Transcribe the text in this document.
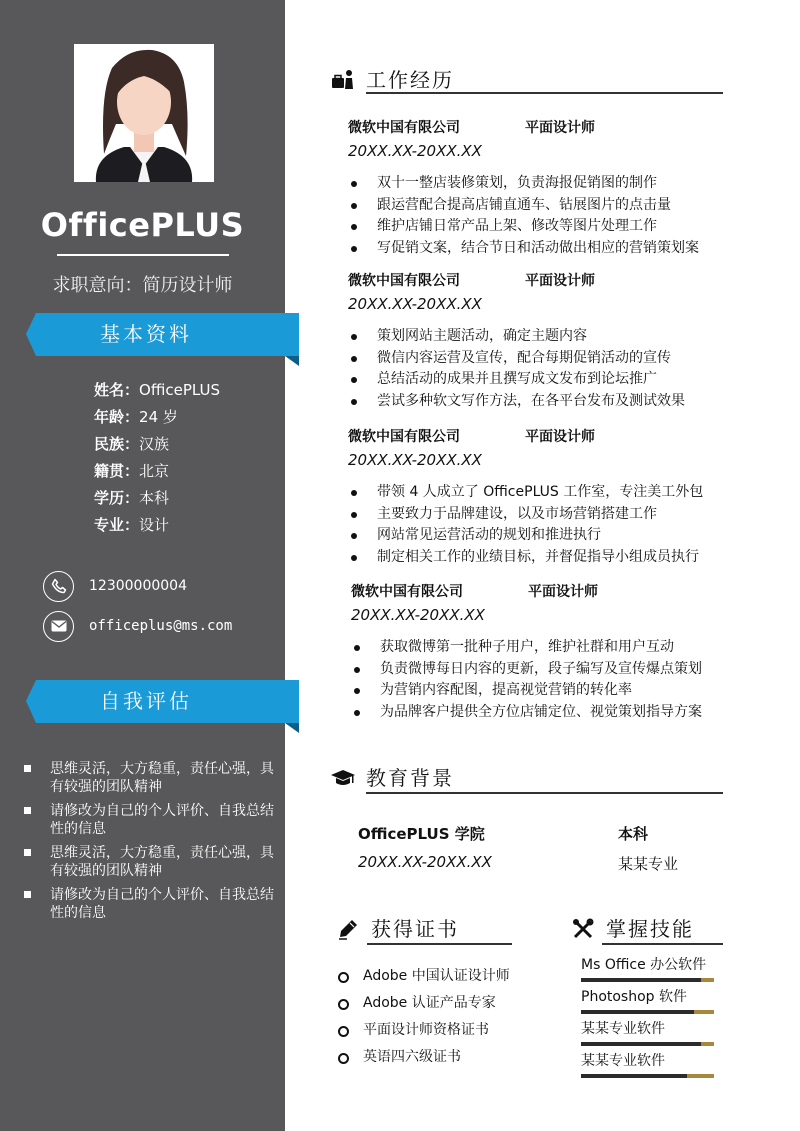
OfficePLUS
求职意向：简历设计师
基本资料
姓名：OfficePLUS
年龄：24 岁
民族：汉族
籍贯：北京
学历：本科
专业：设计
12300000004
officeplus@ms.com
自我评估
思维灵活，大方稳重，责任心强，具有较强的团队精神
请修改为自己的个人评价、自我总结性的信息
思维灵活，大方稳重，责任心强，具有较强的团队精神
请修改为自己的个人评价、自我总结性的信息
工作经历
微软中国有限公司	平面设计师
20XX.XX-20XX.XX
双十一整店装修策划，负责海报促销图的制作
跟运营配合提高店铺直通车、钻展图片的点击量
维护店铺日常产品上架、修改等图片处理工作
写促销文案，结合节日和活动做出相应的营销策划案
微软中国有限公司	平面设计师
20XX.XX-20XX.XX
策划网站主题活动，确定主题内容
微信内容运营及宣传，配合每期促销活动的宣传
总结活动的成果并且撰写成文发布到论坛推广
尝试多种软文写作方法，在各平台发布及测试效果
微软中国有限公司	平面设计师
20XX.XX-20XX.XX
带领 4 人成立了 OfficePLUS 工作室，专注美工外包
主要致力于品牌建设，以及市场营销搭建工作
网站常见运营活动的规划和推进执行
制定相关工作的业绩目标，并督促指导小组成员执行
微软中国有限公司	平面设计师
20XX.XX-20XX.XX
获取微博第一批种子用户，维护社群和用户互动
负责微博每日内容的更新，段子编写及宣传爆点策划
为营销内容配图，提高视觉营销的转化率
为品牌客户提供全方位店铺定位、视觉策划指导方案
教育背景
OfficePLUS 学院	本科
20XX.XX-20XX.XX	某某专业
获得证书
Adobe 中国认证设计师
Adobe 认证产品专家
平面设计师资格证书
英语四六级证书
掌握技能
Ms Office 办公软件
Photoshop 软件
某某专业软件
某某专业软件
